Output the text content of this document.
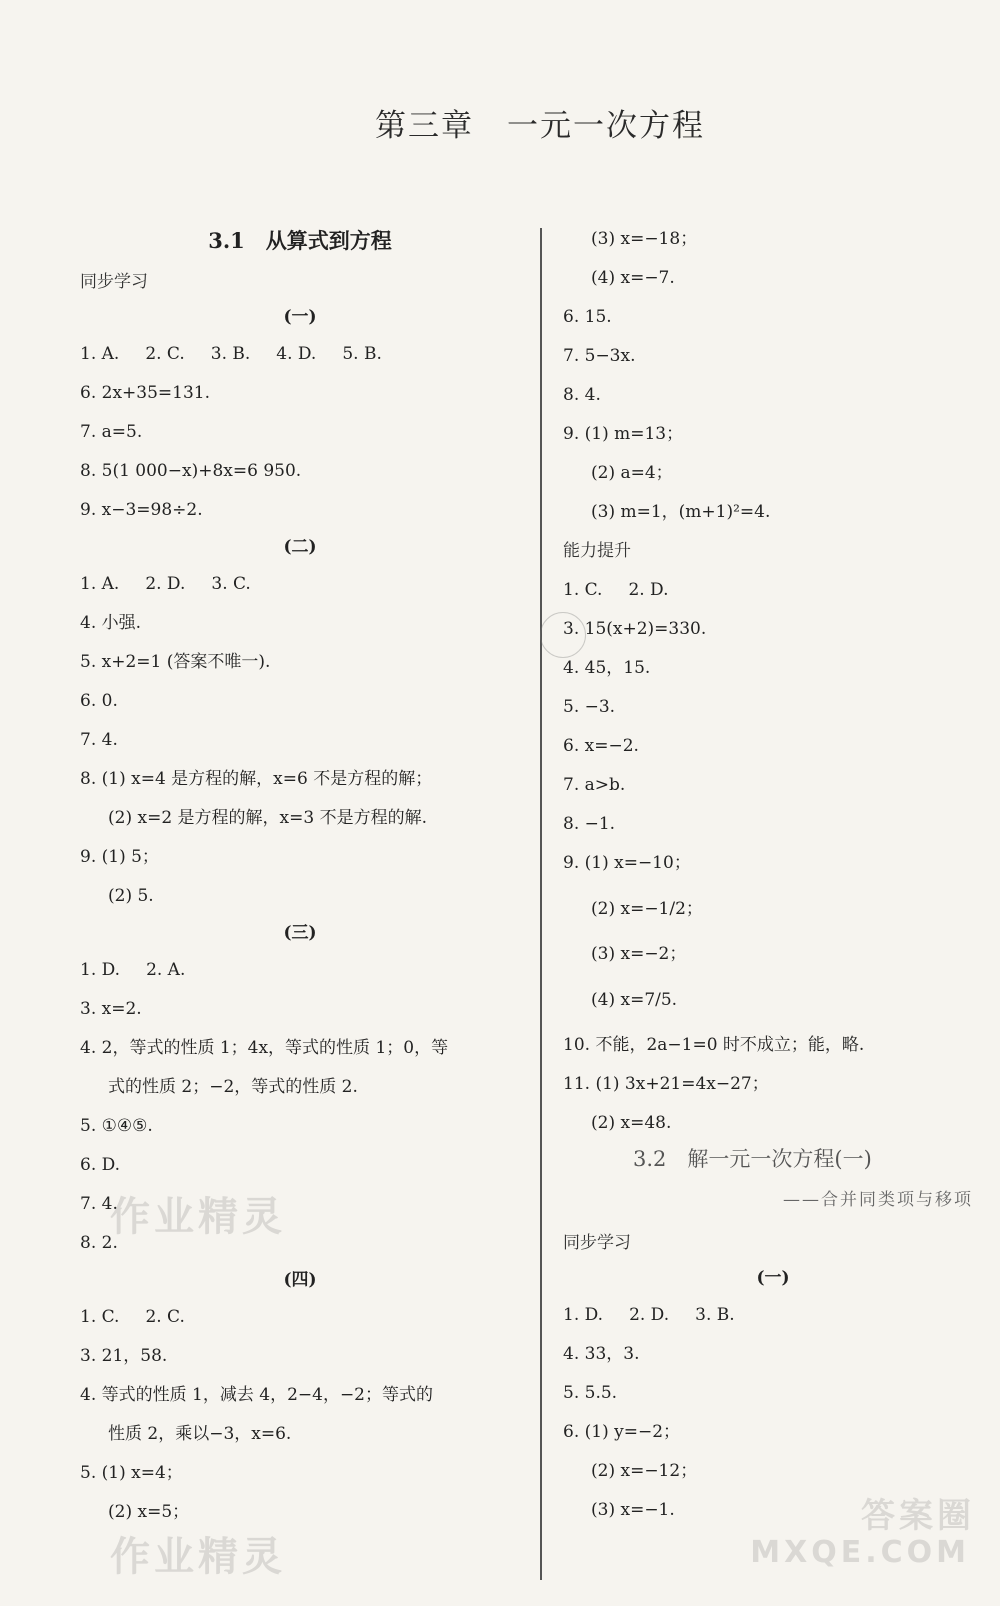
第三章　一元一次方程
3.1　从算式到方程
同步学习
(一)
1. A. 2. C. 3. B. 4. D. 5. B.
6. 2x+35=131.
7. a=5.
8. 5(1 000−x)+8x=6 950.
9. x−3=98÷2.
(二)
1. A. 2. D. 3. C.
4. 小强.
5. x+2=1 (答案不唯一).
6. 0.
7. 4.
8. (1) x=4 是方程的解，x=6 不是方程的解；
(2) x=2 是方程的解，x=3 不是方程的解.
9. (1) 5；
(2) 5.
(三)
1. D. 2. A.
3. x=2.
4. 2，等式的性质 1；4x，等式的性质 1；0，等
式的性质 2；−2，等式的性质 2.
5. ①④⑤.
6. D.
7. 4.
8. 2.
(四)
1. C. 2. C.
3. 21，58.
4. 等式的性质 1，减去 4，2−4，−2；等式的
性质 2，乘以−3，x=6.
5. (1) x=4；
(2) x=5；
(3) x=−18；
(4) x=−7.
6. 15.
7. 5−3x.
8. 4.
9. (1) m=13；
(2) a=4；
(3) m=1，(m+1)²=4.
能力提升
1. C. 2. D.
3. 15(x+2)=330.
4. 45，15.
5. −3.
6. x=−2.
7. a>b.
8. −1.
9. (1) x=−10；
(2) x=−1/2；
(3) x=−2；
(4) x=7/5.
10. 不能，2a−1=0 时不成立；能，略.
11. (1) 3x+21=4x−27；
(2) x=48.
3.2　解一元一次方程(一)
——合并同类项与移项
同步学习
(一)
1. D. 2. D. 3. B.
4. 33，3.
5. 5.5.
6. (1) y=−2；
(2) x=−12；
(3) x=−1.
作业精灵
作业精灵
答案圈
MXQE.COM
